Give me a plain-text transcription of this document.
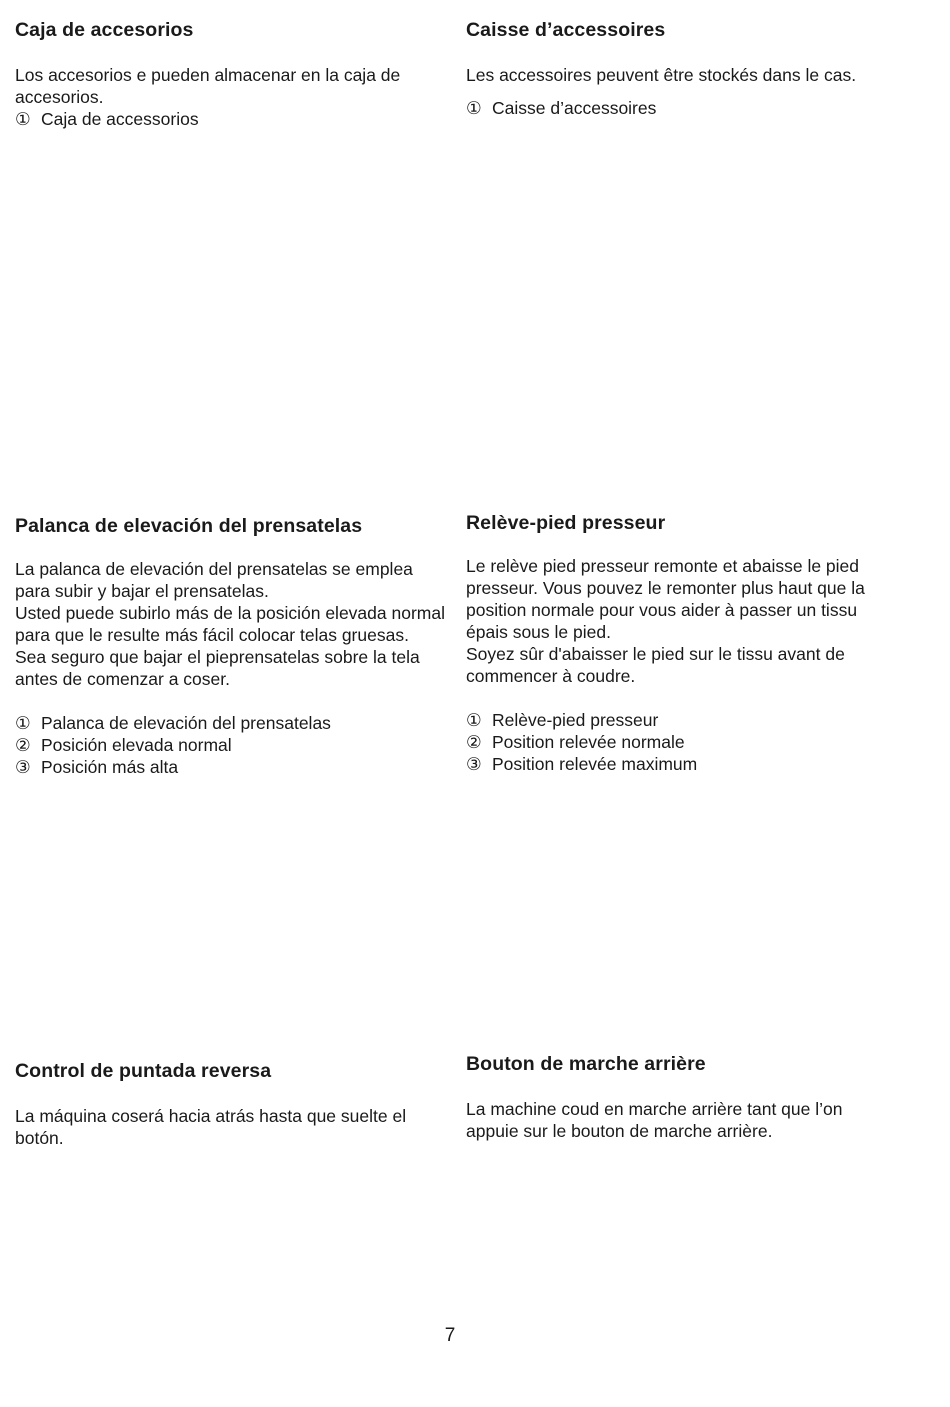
Caja de accesorios

Los accesorios e pueden almacenar en la caja de accesorios.

① Caja de accessorios
Caisse d’accessoires

Les accessoires peuvent être stockés dans le cas.

① Caisse d’accessoires
Palanca de elevación del prensatelas

La palanca de elevación del prensatelas se emplea para subir y bajar el prensatelas.

Usted puede subirlo más de la posición elevada normal para que le resulte más fácil colocar telas gruesas.

Sea seguro que bajar el pieprensatelas sobre la tela antes de comenzar a coser.

① Palanca de elevación del prensatelas
② Posición elevada normal
③ Posición más alta
Relève-pied presseur

Le relève pied presseur remonte et abaisse le pied presseur. Vous pouvez le remonter plus haut que la position normale pour vous aider à passer un tissu épais sous le pied.

Soyez sûr d'abaisser le pied sur le tissu avant de commencer à coudre.

① Relève-pied presseur
② Position relevée normale
③ Position relevée maximum
Control de puntada reversa

La máquina coserá hacia atrás hasta que suelte el botón.

Bouton de marche arrière

La machine coud en marche arrière tant que l’on appuie sur le bouton de marche arrière.

7
